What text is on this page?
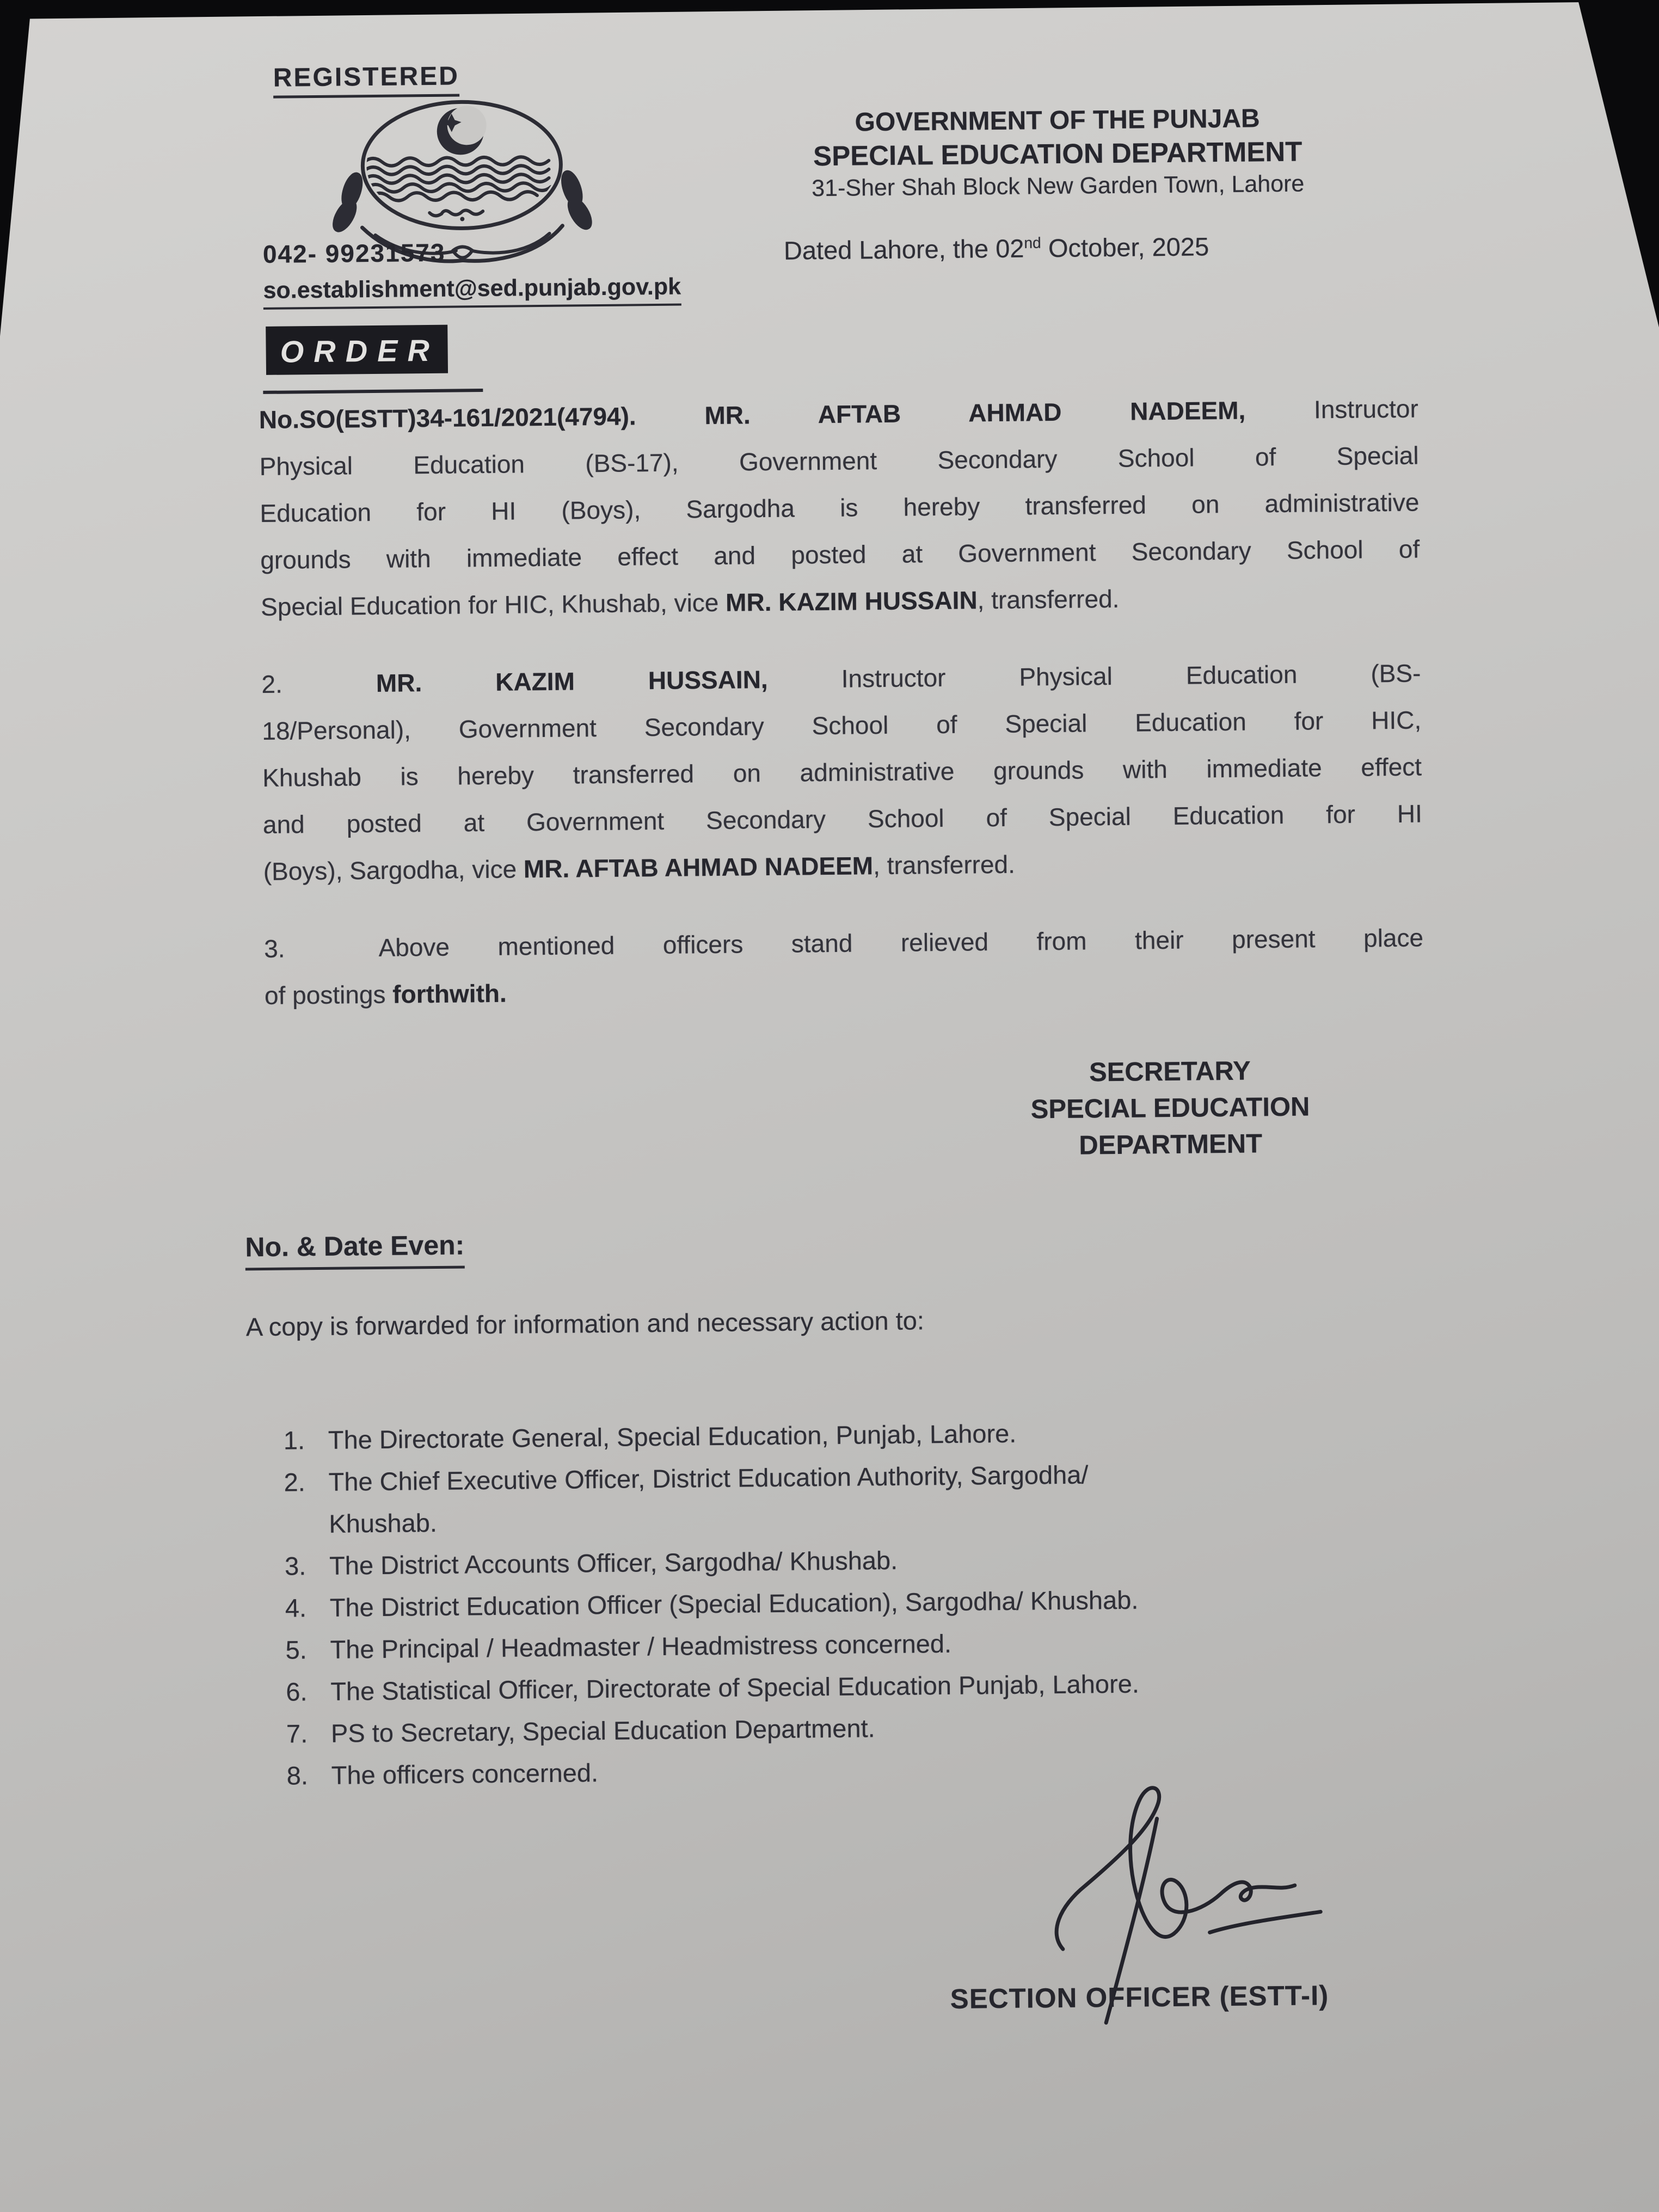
REGISTERED
042- 99231573
so.establishment@sed.punjab.gov.pk
GOVERNMENT OF THE PUNJAB
SPECIAL EDUCATION DEPARTMENT
31-Sher Shah Block New Garden Town, Lahore
Dated Lahore, the 02nd October, 2025
ORDER
No.SO(ESTT)34-161/2021(4794). MR. AFTAB AHMAD NADEEM, Instructor
Physical Education (BS-17), Government Secondary School of Special
Education for HI (Boys), Sargodha is hereby transferred on administrative
grounds with immediate effect and posted at Government Secondary School of
Special Education for HIC, Khushab, vice MR. KAZIM HUSSAIN, transferred.
2.	MR. KAZIM HUSSAIN, Instructor Physical Education (BS-
18/Personal), Government Secondary School of Special Education for HIC,
Khushab is hereby transferred on administrative grounds with immediate effect
and posted at Government Secondary School of Special Education for HI
(Boys), Sargodha, vice MR. AFTAB AHMAD NADEEM, transferred.
3.	Above mentioned officers stand relieved from their present place
of postings forthwith.
SECRETARY
SPECIAL EDUCATION
DEPARTMENT
No. & Date Even:
A copy is forwarded for information and necessary action to:
1. The Directorate General, Special Education, Punjab, Lahore.
2. The Chief Executive Officer, District Education Authority, Sargodha/
Khushab.
3. The District Accounts Officer, Sargodha/ Khushab.
4. The District Education Officer (Special Education), Sargodha/ Khushab.
5. The Principal / Headmaster / Headmistress concerned.
6. The Statistical Officer, Directorate of Special Education Punjab, Lahore.
7. PS to Secretary, Special Education Department.
8. The officers concerned.
SECTION OFFICER (ESTT-I)
